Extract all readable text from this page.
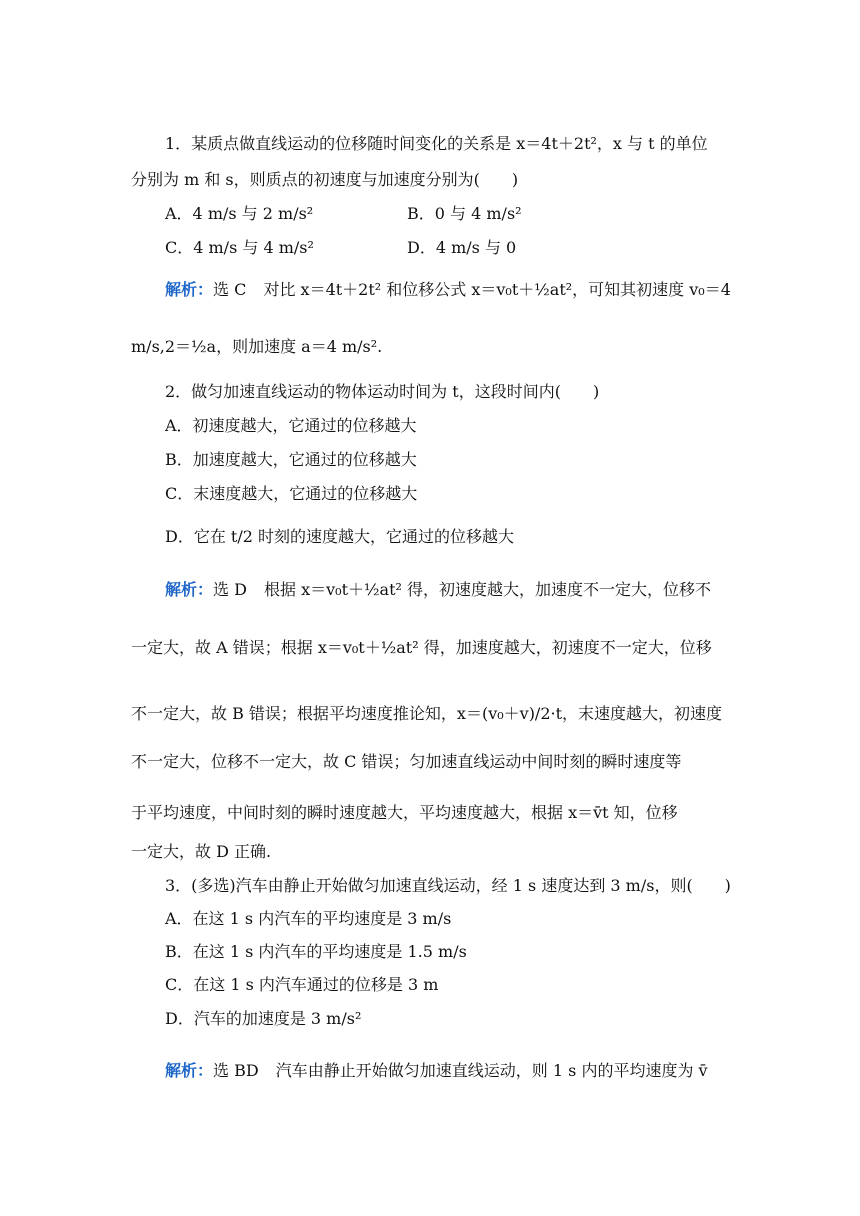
1．某质点做直线运动的位移随时间变化的关系是 x＝4t＋2t²，x 与 t 的单位
分别为 m 和 s，则质点的初速度与加速度分别为(　　)
A．4 m/s 与 2 m/s²	B．0 与 4 m/s²
C．4 m/s 与 4 m/s²	D．4 m/s 与 0
解析：选 C 对比 x＝4t＋2t² 和位移公式 x＝v₀t＋½at²，可知其初速度 v₀＝4
m/s,2＝½a，则加速度 a＝4 m/s².
2．做匀加速直线运动的物体运动时间为 t，这段时间内(　　)
A．初速度越大，它通过的位移越大
B．加速度越大，它通过的位移越大
C．末速度越大，它通过的位移越大
D．它在 t/2 时刻的速度越大，它通过的位移越大
解析：选 D 根据 x＝v₀t＋½at² 得，初速度越大，加速度不一定大，位移不
一定大，故 A 错误；根据 x＝v₀t＋½at² 得，加速度越大，初速度不一定大，位移
不一定大，故 B 错误；根据平均速度推论知，x＝(v₀＋v)/2·t，末速度越大，初速度
不一定大，位移不一定大，故 C 错误；匀加速直线运动中间时刻的瞬时速度等
于平均速度，中间时刻的瞬时速度越大，平均速度越大，根据 x＝v̄t 知，位移
一定大，故 D 正确.
3．(多选)汽车由静止开始做匀加速直线运动，经 1 s 速度达到 3 m/s，则(　　)
A．在这 1 s 内汽车的平均速度是 3 m/s
B．在这 1 s 内汽车的平均速度是 1.5 m/s
C．在这 1 s 内汽车通过的位移是 3 m
D．汽车的加速度是 3 m/s²
解析：选 BD 汽车由静止开始做匀加速直线运动，则 1 s 内的平均速度为 v̄
